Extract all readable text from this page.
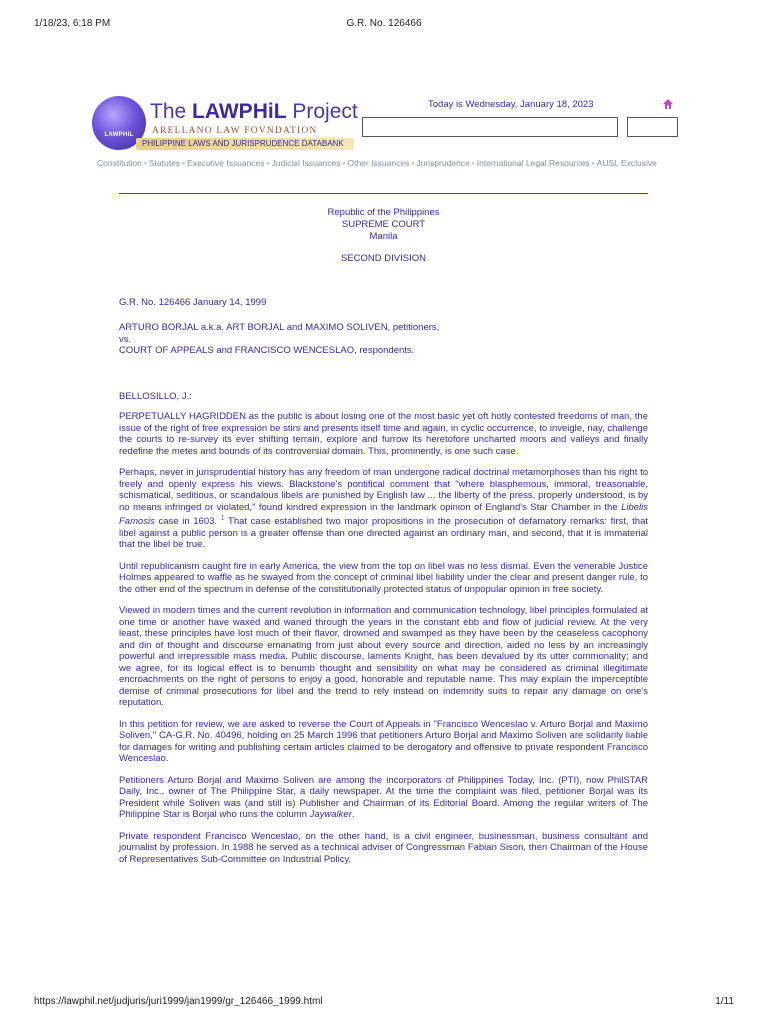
1/18/23, 6:18 PM	G.R. No. 126466
LAWPHIL
The LAWPHiL Project
ARELLANO LAW FOVNDATION
PHILIPPINE LAWS AND JURISPRUDENCE DATABANK
Today is Wednesday, January 18, 2023
Constitution • Statutes • Executive Issuances • Judicial Issuances • Other Issuances • Jurisprudence • International Legal Resources • AUSL Exclusive
Republic of the Philippines
SUPREME COURT
Manila
SECOND DIVISION
G.R. No. 126466 January 14, 1999
ARTURO BORJAL a.k.a. ART BORJAL and MAXIMO SOLIVEN, petitioners,
vs.
COURT OF APPEALS and FRANCISCO WENCESLAO, respondents.
BELLOSILLO, J.:

PERPETUALLY HAGRIDDEN as the public is about losing one of the most basic yet oft hotly contested freedoms of man, the issue of the right of free expression be stirs and presents itself time and again, in cyclic occurrence, to inveigle, nay, challenge the courts to re-survey its ever shifting terrain, explore and furrow its heretofore uncharted moors and valleys and finally redefine the metes and bounds of its controversial domain. This, prominently, is one such case.

Perhaps, never in jurisprudential history has any freedom of man undergone radical doctrinal metamorphoses than his right to freely and openly express his views. Blackstone's pontifical comment that "where blasphemous, immoral, treasonable, schismatical, seditious, or scandalous libels are punished by English law ... the liberty of the press, properly understood, is by no means infringed or violated," found kindred expression in the landmark opinion of England's Star Chamber in the Libelis Famosis case in 1603. $^1$ That case established two major propositions in the prosecution of defamatory remarks: first, that libel against a public person is a greater offense than one directed against an ordinary man, and second, that it is immaterial that the libel be true.

Until republicanism caught fire in early America, the view from the top on libel was no less dismal. Even the venerable Justice Holmes appeared to waffle as he swayed from the concept of criminal libel liability under the clear and present danger rule, to the other end of the spectrum in defense of the constitutionally protected status of unpopular opinion in free society.

Viewed in modern times and the current revolution in information and communication technology, libel principles formulated at one time or another have waxed and waned through the years in the constant ebb and flow of judicial review. At the very least, these principles have lost much of their flavor, drowned and swamped as they have been by the ceaseless cacophony and din of thought and discourse emanating from just about every source and direction, aided no less by an increasingly powerful and irrepressible mass media. Public discourse, laments Knight, has been devalued by its utter commonality; and we agree, for its logical effect is to benumb thought and sensibility on what may be considered as criminal illegitimate encroachments on the right of persons to enjoy a good, honorable and reputable name. This may explain the imperceptible demise of criminal prosecutions for libel and the trend to rely instead on indemnity suits to repair any damage on one's reputation.

In this petition for review, we are asked to reverse the Court of Appeals in "Francisco Wenceslao v. Arturo Borjal and Maximo Soliven," CA-G.R. No. 40496, holding on 25 March 1996 that petitioners Arturo Borjal and Maximo Soliven are solidarily liable for damages for writing and publishing certain articles claimed to be derogatory and offensive to private respondent Francisco Wenceslao.

Petitioners Arturo Borjal and Maximo Soliven are among the incorporators of Philippines Today, Inc. (PTI), now PhilSTAR Daily, Inc., owner of The Philippine Star, a daily newspaper. At the time the complaint was filed, petitioner Borjal was its President while Soliven was (and still is) Publisher and Chairman of its Editorial Board. Among the regular writers of The Philippine Star is Borjal who runs the column Jaywalker.

Private respondent Francisco Wenceslao, on the other hand, is a civil engineer, businessman, business consultant and journalist by profession. In 1988 he served as a technical adviser of Congressman Fabian Sison, then Chairman of the House of Representatives Sub-Committee on Industrial Policy.

https://lawphil.net/judjuris/juri1999/jan1999/gr_126466_1999.html	1/11
